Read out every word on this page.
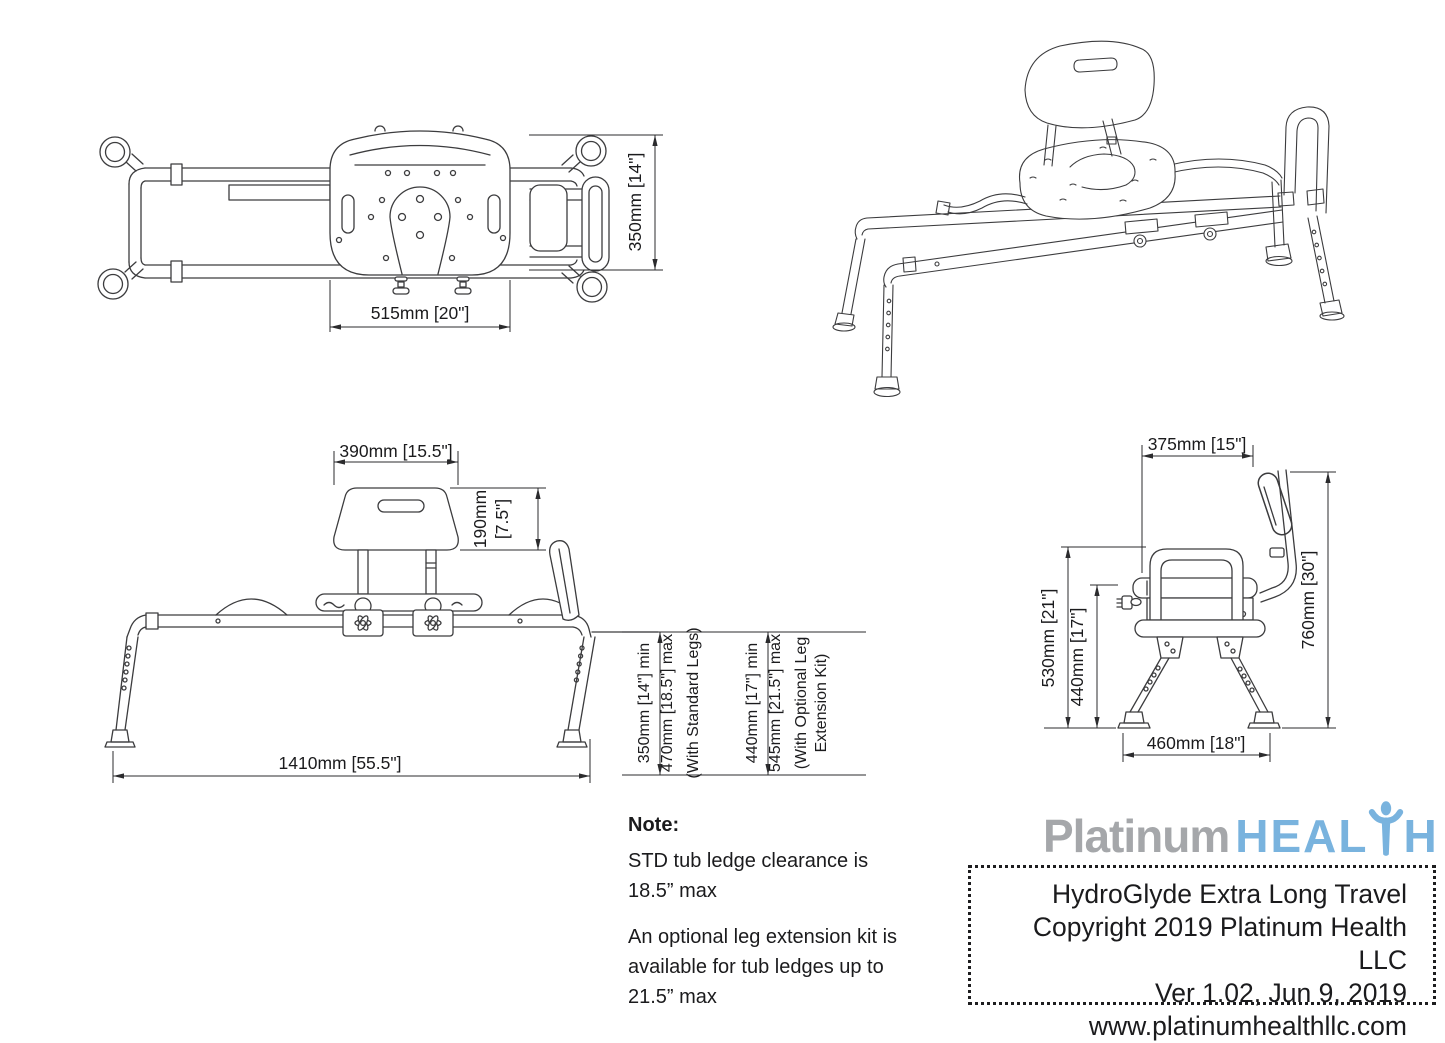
515mm [20"]
350mm [14"]
390mm [15.5"]
190mm [7.5"]
1410mm [55.5"]	350mm [14"] min 470mm [18.5"] max (With Standard Legs)	440mm [17"] min 545mm [21.5"] max (With Optional Leg Extension Kit)
375mm [15"]
760mm [30"]
530mm [21"] 440mm [17"]
460mm [18"]
Note:
STD tub ledge clearance is
18.5” max
An optional leg extension kit is
available for tub ledges up to
21.5” max
Platinum HEAL H
HydroGlyde Extra Long Travel
Copyright 2019 Platinum Health LLC
Ver 1.02, Jun 9, 2019
www.platinumhealthllc.com
